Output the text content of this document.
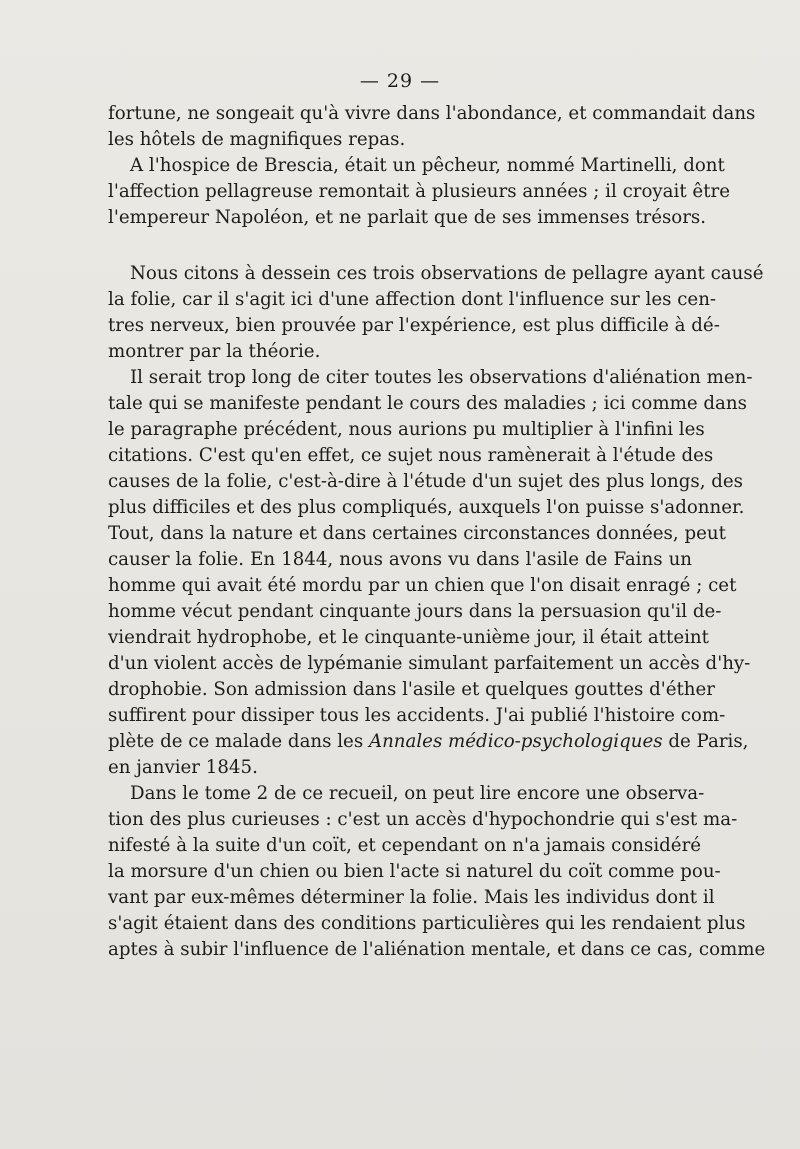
— 29 —
fortune, ne songeait qu'à vivre dans l'abondance, et commandait dans
les hôtels de magnifiques repas.
A l'hospice de Brescia, était un pêcheur, nommé Martinelli, dont
l'affection pellagreuse remontait à plusieurs années ; il croyait être
l'empereur Napoléon, et ne parlait que de ses immenses trésors.
Nous citons à dessein ces trois observations de pellagre ayant causé
la folie, car il s'agit ici d'une affection dont l'influence sur les cen-
tres nerveux, bien prouvée par l'expérience, est plus difficile à dé-
montrer par la théorie.
Il serait trop long de citer toutes les observations d'aliénation men-
tale qui se manifeste pendant le cours des maladies ; ici comme dans
le paragraphe précédent, nous aurions pu multiplier à l'infini les
citations. C'est qu'en effet, ce sujet nous ramènerait à l'étude des
causes de la folie, c'est-à-dire à l'étude d'un sujet des plus longs, des
plus difficiles et des plus compliqués, auxquels l'on puisse s'adonner.
Tout, dans la nature et dans certaines circonstances données, peut
causer la folie. En 1844, nous avons vu dans l'asile de Fains un
homme qui avait été mordu par un chien que l'on disait enragé ; cet
homme vécut pendant cinquante jours dans la persuasion qu'il de-
viendrait hydrophobe, et le cinquante-unième jour, il était atteint
d'un violent accès de lypémanie simulant parfaitement un accès d'hy-
drophobie. Son admission dans l'asile et quelques gouttes d'éther
suffirent pour dissiper tous les accidents. J'ai publié l'histoire com-
plète de ce malade dans les Annales médico-psychologiques de Paris,
en janvier 1845.
Dans le tome 2 de ce recueil, on peut lire encore une observa-
tion des plus curieuses : c'est un accès d'hypochondrie qui s'est ma-
nifesté à la suite d'un coït, et cependant on n'a jamais considéré
la morsure d'un chien ou bien l'acte si naturel du coït comme pou-
vant par eux-mêmes déterminer la folie. Mais les individus dont il
s'agit étaient dans des conditions particulières qui les rendaient plus
aptes à subir l'influence de l'aliénation mentale, et dans ce cas, comme
